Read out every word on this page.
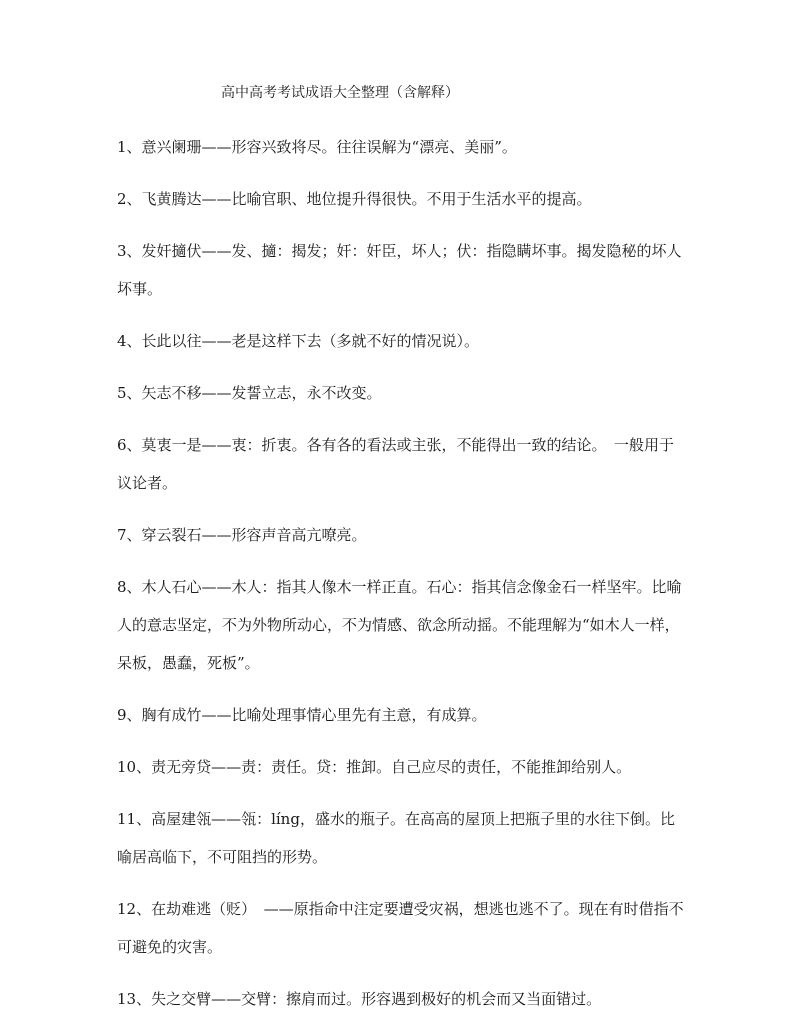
高中高考考试成语大全整理（含解释）

1、意兴阑珊——形容兴致将尽。往往误解为“漂亮、美丽”。

2、飞黄腾达——比喻官职、地位提升得很快。不用于生活水平的提高。

3、发奸擿伏——发、擿：揭发；奸：奸臣，坏人；伏：指隐瞒坏事。揭发隐秘的坏人坏事。

4、长此以往——老是这样下去（多就不好的情况说）。

5、矢志不移——发誓立志，永不改变。

6、莫衷一是——衷：折衷。各有各的看法或主张，不能得出一致的结论。　一般用于议论者。

7、穿云裂石——形容声音高亢嘹亮。

8、木人石心——木人：指其人像木一样正直。石心：指其信念像金石一样坚牢。比喻人的意志坚定，不为外物所动心，不为情感、欲念所动摇。不能理解为“如木人一样，呆板，愚蠢，死板”。

9、胸有成竹——比喻处理事情心里先有主意，有成算。

10、责无旁贷——责：责任。贷：推卸。自己应尽的责任，不能推卸给别人。

11、高屋建瓴——瓴：líng，盛水的瓶子。在高高的屋顶上把瓶子里的水往下倒。比喻居高临下，不可阻挡的形势。

12、在劫难逃（贬）　——原指命中注定要遭受灾祸，想逃也逃不了。现在有时借指不可避免的灾害。

13、失之交臂——交臂：擦肩而过。形容遇到极好的机会而又当面错过。
